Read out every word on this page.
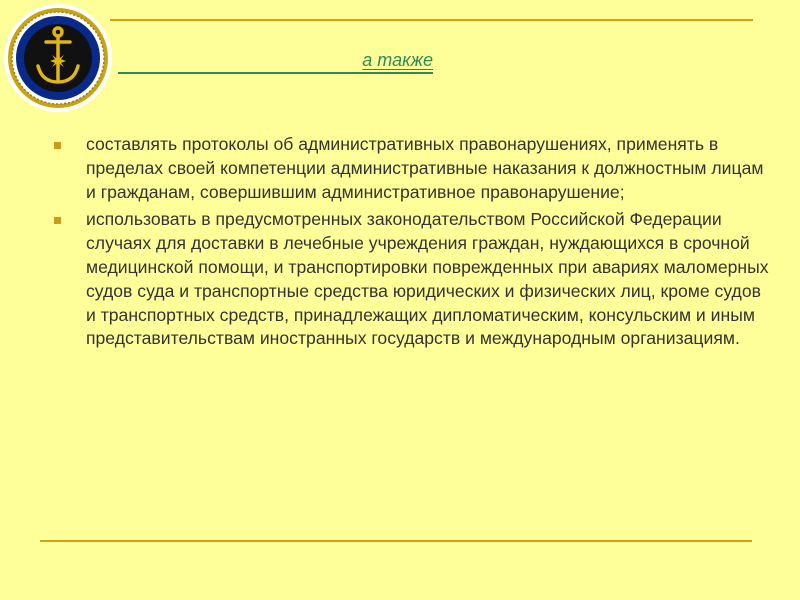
а также
составлять протоколы об административных правонарушениях, применять в пределах своей компетенции административные наказания к должностным лицам и гражданам, совершившим административное правонарушение;
использовать в предусмотренных законодательством Российской Федерации случаях для доставки в лечебные учреждения граждан, нуждающихся в срочной медицинской помощи, и транспортировки поврежденных при авариях маломерных судов суда и транспортные средства юридических и физических лиц, кроме судов и транспортных средств, принадлежащих дипломатическим, консульским и иным представительствам иностранных государств и международным организациям.
